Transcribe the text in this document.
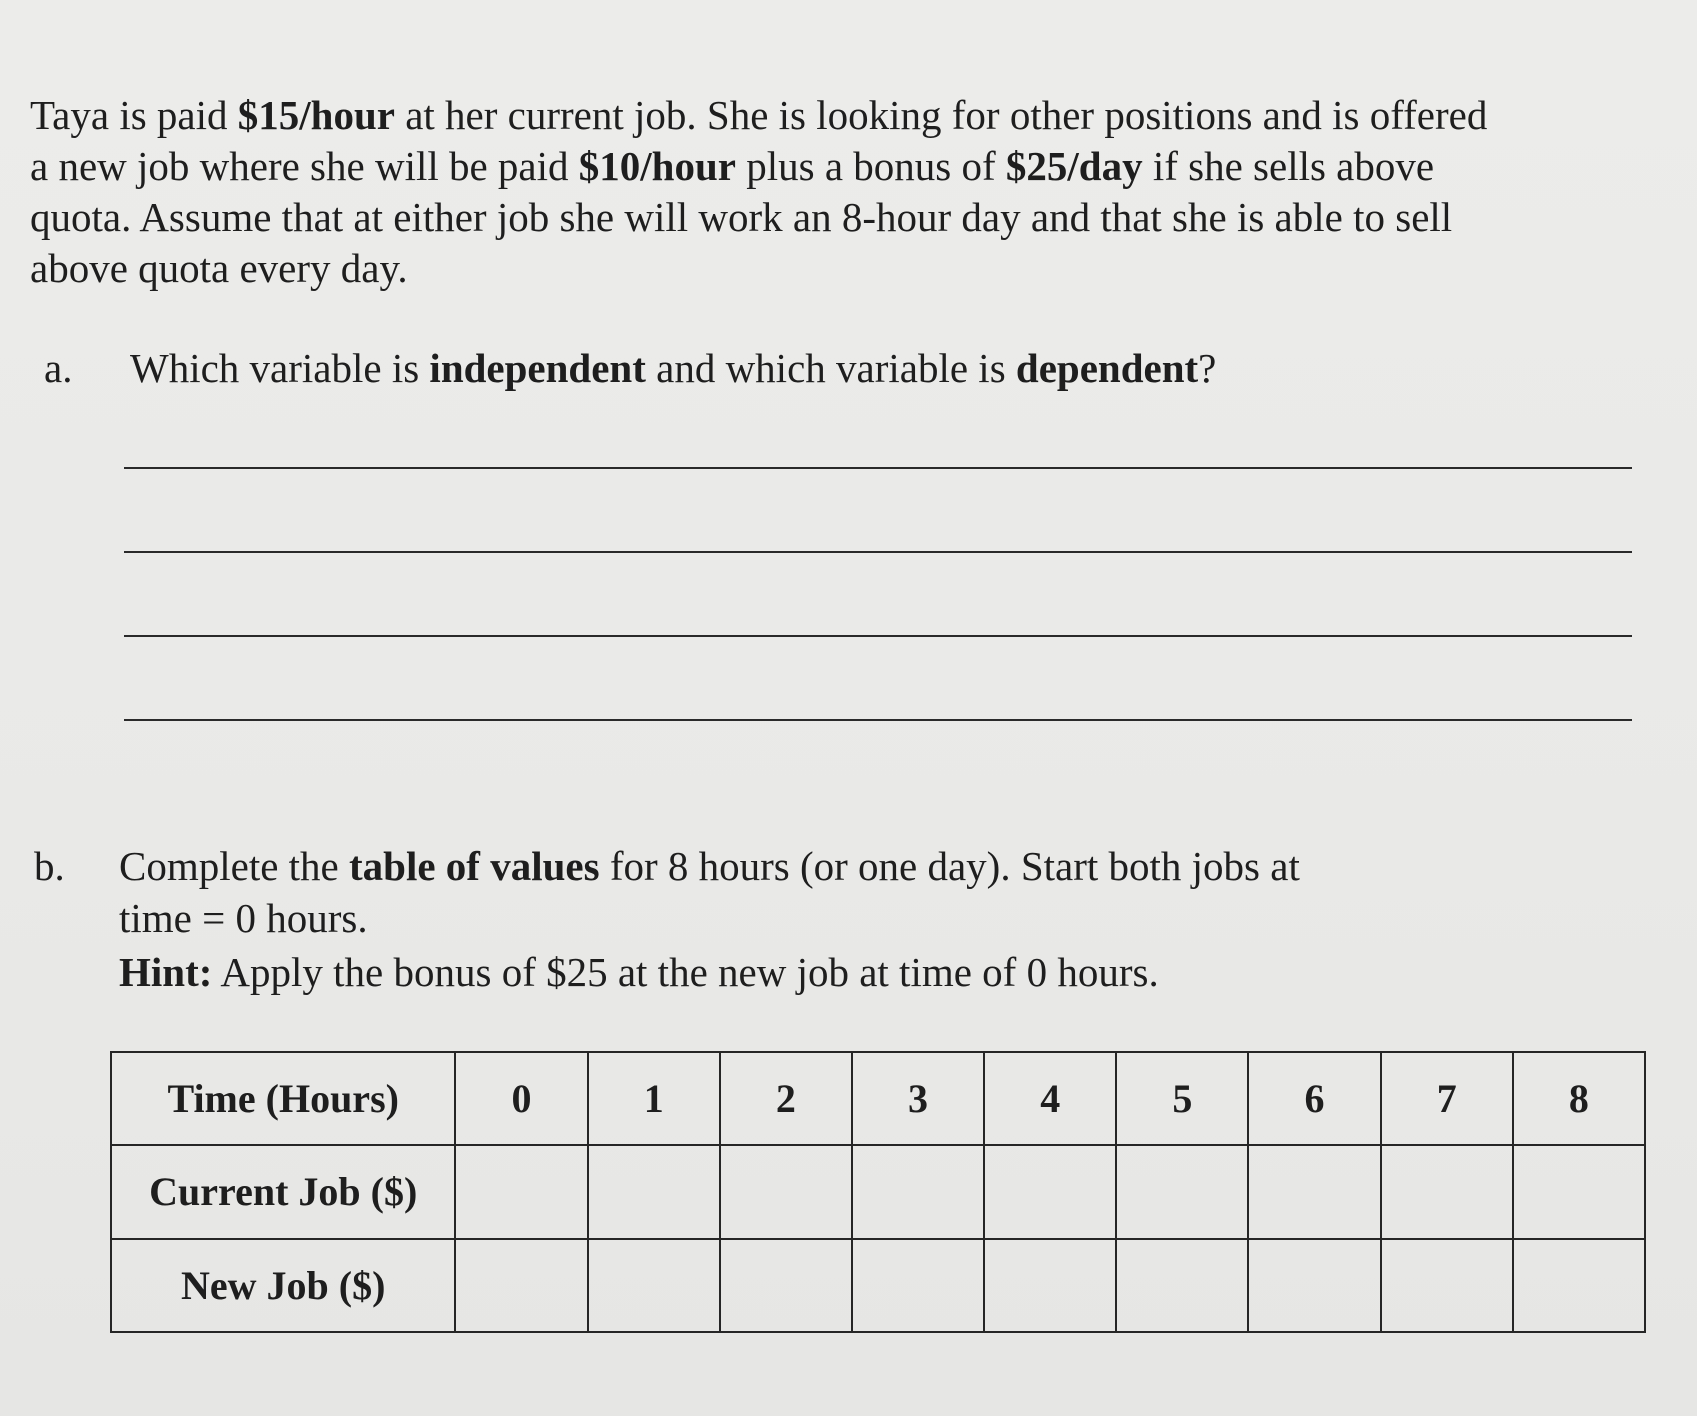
Taya is paid $15/hour at her current job. She is looking for other positions and is offered
a new job where she will be paid $10/hour plus a bonus of $25/day if she sells above
quota. Assume that at either job she will work an 8-hour day and that she is able to sell
above quota every day.
a. Which variable is independent and which variable is dependent?
b. Complete the table of values for 8 hours (or one day). Start both jobs at
time = 0 hours.
Hint: Apply the bonus of $25 at the new job at time of 0 hours.
Time (Hours)	0	1	2	3	4	5	6	7	8
Current Job ($)									
New Job ($)									
